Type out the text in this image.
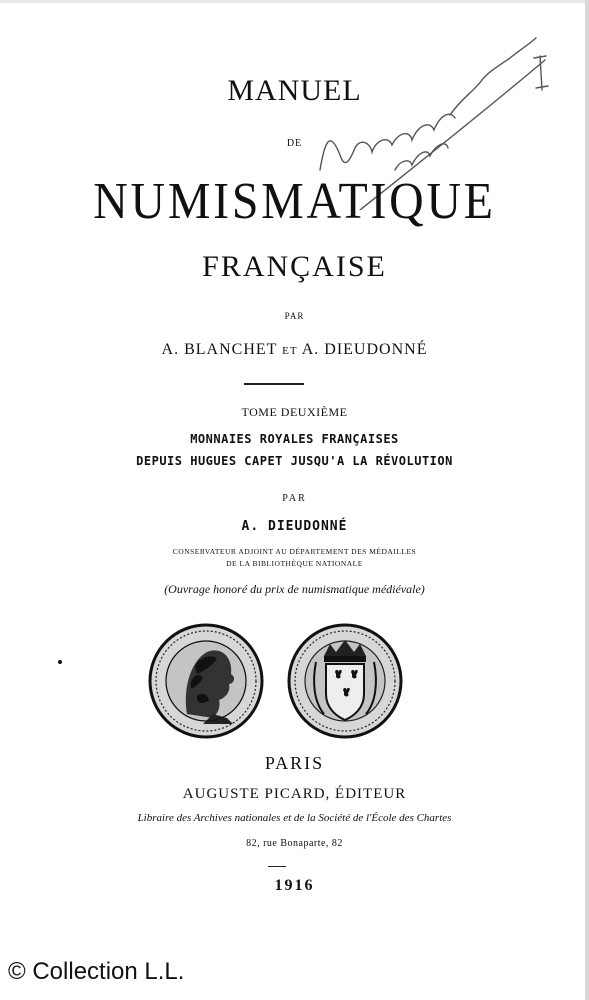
MANUEL
DE
NUMISMATIQUE
FRANÇAISE
PAR
A. BLANCHET ET A. DIEUDONNÉ
TOME DEUXIÈME
MONNAIES ROYALES FRANÇAISES
DEPUIS HUGUES CAPET JUSQU'A LA RÉVOLUTION
PAR
A. DIEUDONNÉ
CONSERVATEUR ADJOINT AU DÉPARTEMENT DES MÉDAILLES
DE LA BIBLIOTHÈQUE NATIONALE
(Ouvrage honoré du prix de numismatique médiévale)
PARIS
AUGUSTE PICARD, ÉDITEUR
Libraire des Archives nationales et de la Société de l'École des Chartes
82, rue Bonaparte, 82
1916
© Collection L.L.
